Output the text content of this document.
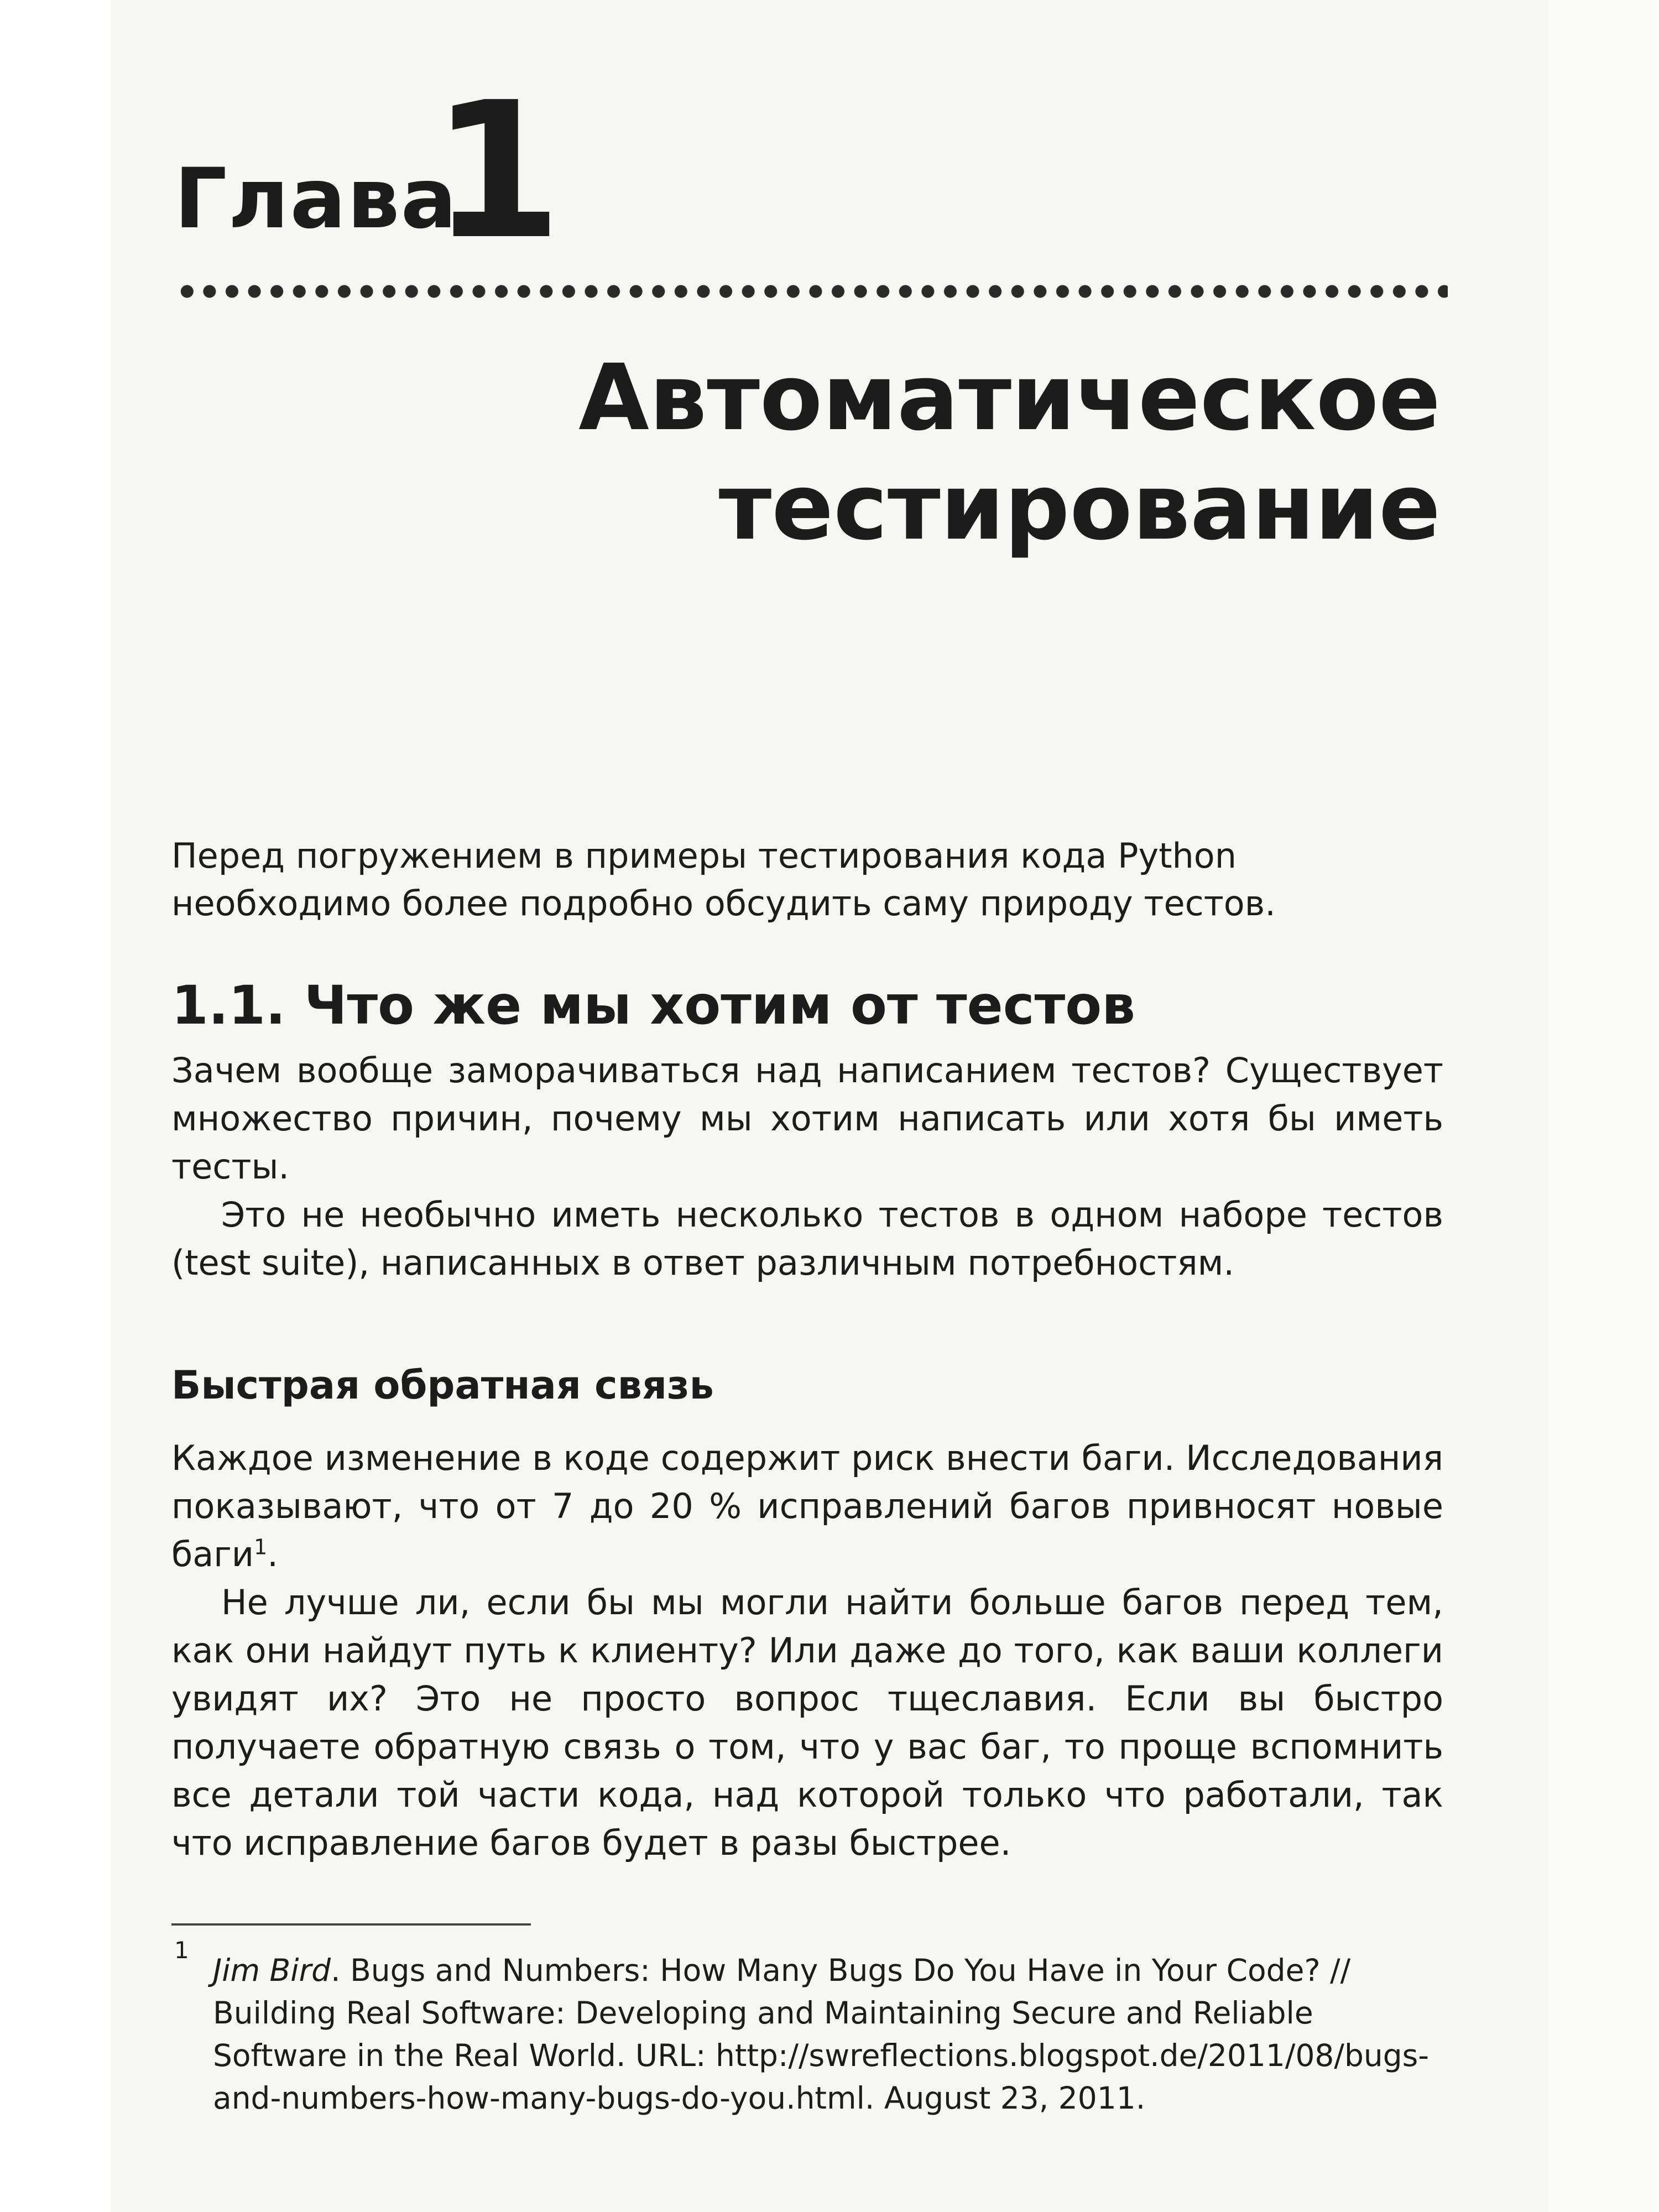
Глава
1
Автоматическое
тестирование
Перед погружением в примеры тестирования кода Python необходимо более подробно обсудить саму природу тестов.
1.1. Что же мы хотим от тестов

Зачем вообще заморачиваться над написанием тестов? Существует множество причин, почему мы хотим написать или хотя бы иметь тесты.

Это не необычно иметь несколько тестов в одном наборе тестов (test suite), написанных в ответ различным потребностям.

Быстрая обратная связь

Каждое изменение в коде содержит риск внести баги. Исследования показывают, что от 7 до 20 % исправлений багов привносят новые баги$^1$.

Не лучше ли, если бы мы могли найти больше багов перед тем, как они найдут путь к клиенту? Или даже до того, как ваши коллеги увидят их? Это не просто вопрос тщеславия. Если вы быстро получаете обратную связь о том, что у вас баг, то проще вспомнить все детали той части кода, над которой только что работали, так что исправление багов будет в разы быстрее.

1
Jim Bird. Bugs and Numbers: How Many Bugs Do You Have in Your Code? // Building Real Software: Developing and Maintaining Secure and Reliable Software in the Real World. URL: http://swreflections.blogspot.de/2011/08/bugs-and-numbers-how-many-bugs-do-you.html. August 23, 2011.
